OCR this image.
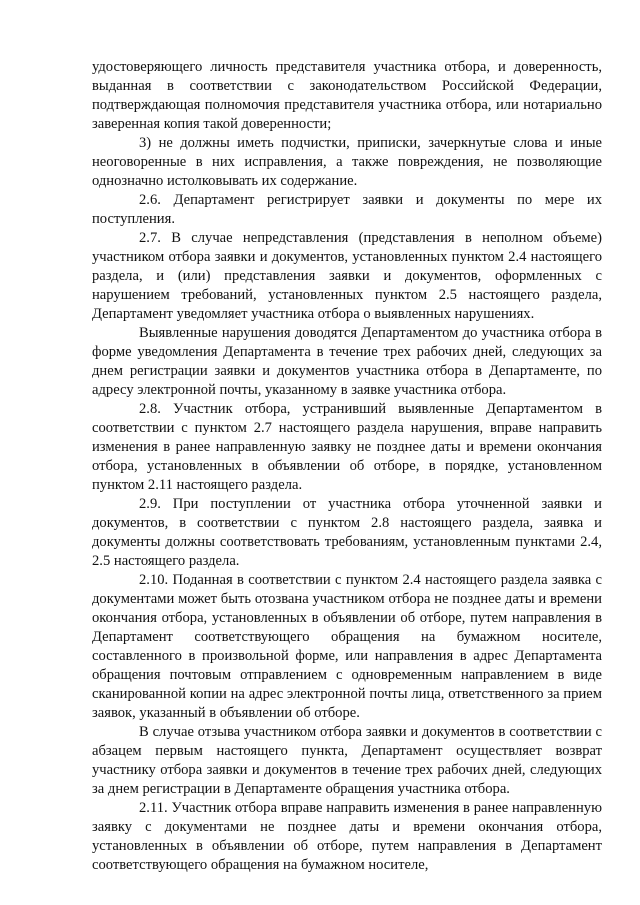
удостоверяющего личность представителя участника отбора, и доверенность, выданная в соответствии с законодательством Российской Федерации, подтверждающая полномочия представителя участника отбора, или нотариально заверенная копия такой доверенности;

3) не должны иметь подчистки, приписки, зачеркнутые слова и иные неоговоренные в них исправления, а также повреждения, не позволяющие однозначно истолковывать их содержание.

2.6. Департамент регистрирует заявки и документы по мере их поступления.

2.7. В случае непредставления (представления в неполном объеме) участником отбора заявки и документов, установленных пунктом 2.4 настоящего раздела, и (или) представления заявки и документов, оформленных с нарушением требований, установленных пунктом 2.5 настоящего раздела, Департамент уведомляет участника отбора о выявленных нарушениях.

Выявленные нарушения доводятся Департаментом до участника отбора в форме уведомления Департамента в течение трех рабочих дней, следующих за днем регистрации заявки и документов участника отбора в Департаменте, по адресу электронной почты, указанному в заявке участника отбора.

2.8. Участник отбора, устранивший выявленные Департаментом в соответствии с пунктом 2.7 настоящего раздела нарушения, вправе направить изменения в ранее направленную заявку не позднее даты и времени окончания отбора, установленных в объявлении об отборе, в порядке, установленном пунктом 2.11 настоящего раздела.

2.9. При поступлении от участника отбора уточненной заявки и документов, в соответствии с пунктом 2.8 настоящего раздела, заявка и документы должны соответствовать требованиям, установленным пунктами 2.4, 2.5 настоящего раздела.

2.10. Поданная в соответствии с пунктом 2.4 настоящего раздела заявка с документами может быть отозвана участником отбора не позднее даты и времени окончания отбора, установленных в объявлении об отборе, путем направления в Департамент соответствующего обращения на бумажном носителе, составленного в произвольной форме, или направления в адрес Департамента обращения почтовым отправлением с одновременным направлением в виде сканированной копии на адрес электронной почты лица, ответственного за прием заявок, указанный в объявлении об отборе.

В случае отзыва участником отбора заявки и документов в соответствии с абзацем первым настоящего пункта, Департамент осуществляет возврат участнику отбора заявки и документов в течение трех рабочих дней, следующих за днем регистрации в Департаменте обращения участника отбора.

2.11. Участник отбора вправе направить изменения в ранее направленную заявку с документами не позднее даты и времени окончания отбора, установленных в объявлении об отборе, путем направления в Департамент соответствующего обращения на бумажном носителе,
